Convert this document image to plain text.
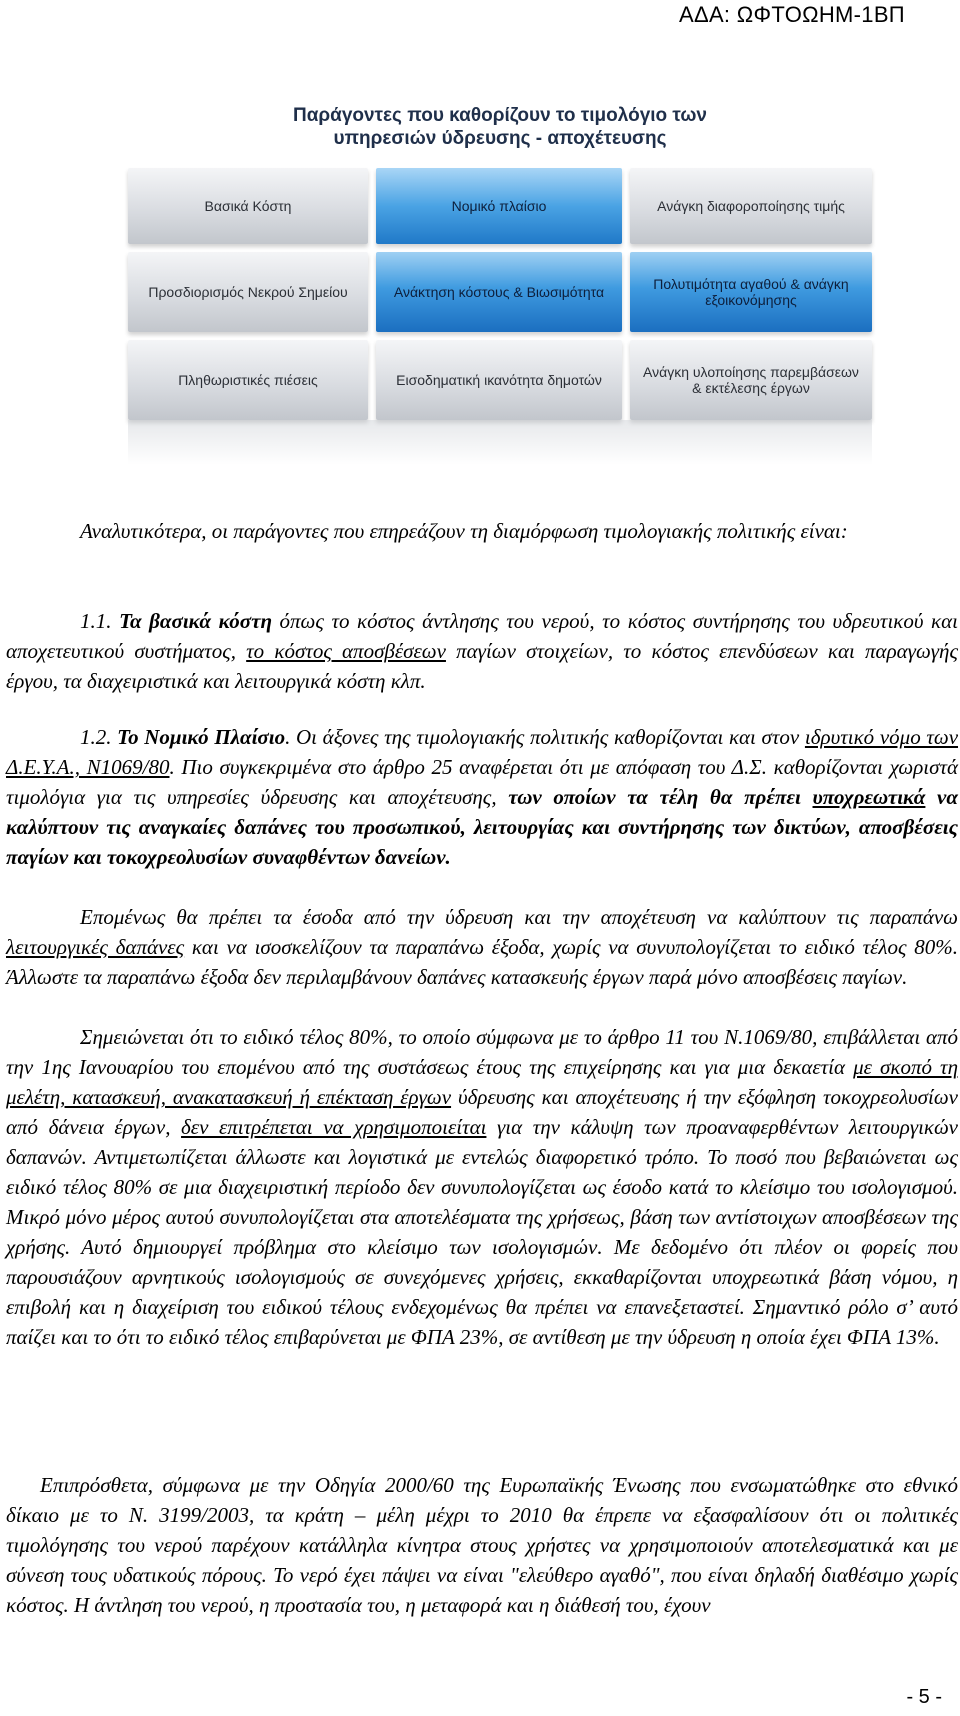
ΑΔΑ: ΩΦΤΟΩΗΜ-1ΒΠ
Παράγοντες που καθορίζουν το τιμολόγιο των
υπηρεσιών ύδρευσης - αποχέτευσης
Βασικά Κόστη	Νομικό πλαίσιο	Ανάγκη διαφοροποίησης τιμής
Προσδιορισμός Νεκρού Σημείου	Ανάκτηση κόστους & Βιωσιμότητα	Πολυτιμότητα αγαθού & ανάγκη εξοικονόμησης
Πληθωριστικές πιέσεις	Εισοδηματική ικανότητα δημοτών	Ανάγκη υλοποίησης παρεμβάσεων & εκτέλεσης έργων

Αναλυτικότερα, οι παράγοντες που επηρεάζουν τη διαμόρφωση τιμολογιακής πολιτικής είναι:

1.1. Τα βασικά κόστη όπως το κόστος άντλησης του νερού, το κόστος συντήρησης του υδρευτικού και αποχετευτικού συστήματος, το κόστος αποσβέσεων παγίων στοιχείων, το κόστος επενδύσεων και παραγωγής έργου, τα διαχειριστικά και λειτουργικά κόστη κλπ.

1.2. Το Νομικό Πλαίσιο. Οι άξονες της τιμολογιακής πολιτικής καθορίζονται και στον ιδρυτικό νόμο των Δ.Ε.Υ.Α., Ν1069/80. Πιο συγκεκριμένα στο άρθρο 25 αναφέρεται ότι με απόφαση του Δ.Σ. καθορίζονται χωριστά τιμολόγια για τις υπηρεσίες ύδρευσης και αποχέτευσης, των οποίων τα τέλη θα πρέπει υποχρεωτικά να καλύπτουν τις αναγκαίες δαπάνες του προσωπικού, λειτουργίας και συντήρησης των δικτύων, αποσβέσεις παγίων και τοκοχρεολυσίων συναφθέντων δανείων.

Επομένως θα πρέπει τα έσοδα από την ύδρευση και την αποχέτευση να καλύπτουν τις παραπάνω λειτουργικές δαπάνες και να ισοσκελίζουν τα παραπάνω έξοδα, χωρίς να συνυπολογίζεται το ειδικό τέλος 80%. Άλλωστε τα παραπάνω έξοδα δεν περιλαμβάνουν δαπάνες κατασκευής έργων παρά μόνο αποσβέσεις παγίων.

Σημειώνεται ότι το ειδικό τέλος 80%, το οποίο σύμφωνα με το άρθρο 11 του Ν.1069/80, επιβάλλεται από την 1ης Ιανουαρίου του επομένου από της συστάσεως έτους της επιχείρησης και για μια δεκαετία με σκοπό τη μελέτη, κατασκευή, ανακατασκευή ή επέκταση έργων ύδρευσης και αποχέτευσης ή την εξόφληση τοκοχρεολυσίων από δάνεια έργων, δεν επιτρέπεται να χρησιμοποιείται για την κάλυψη των προαναφερθέντων λειτουργικών δαπανών. Αντιμετωπίζεται άλλωστε και λογιστικά με εντελώς διαφορετικό τρόπο. Το ποσό που βεβαιώνεται ως ειδικό τέλος 80% σε μια διαχειριστική περίοδο δεν συνυπολογίζεται ως έσοδο κατά το κλείσιμο του ισολογισμού. Μικρό μόνο μέρος αυτού συνυπολογίζεται στα αποτελέσματα της χρήσεως, βάση των αντίστοιχων αποσβέσεων της χρήσης. Αυτό δημιουργεί πρόβλημα στο κλείσιμο των ισολογισμών. Με δεδομένο ότι πλέον οι φορείς που παρουσιάζουν αρνητικούς ισολογισμούς σε συνεχόμενες χρήσεις, εκκαθαρίζονται υποχρεωτικά βάση νόμου, η επιβολή και η διαχείριση του ειδικού τέλους ενδεχομένως θα πρέπει να επανεξεταστεί. Σημαντικό ρόλο σ’ αυτό παίζει και το ότι το ειδικό τέλος επιβαρύνεται με ΦΠΑ 23%, σε αντίθεση με την ύδρευση η οποία έχει ΦΠΑ 13%.

Επιπρόσθετα, σύμφωνα με την Οδηγία 2000/60 της Ευρωπαϊκής Ένωσης που ενσωματώθηκε στο εθνικό δίκαιο με το Ν. 3199/2003, τα κράτη – μέλη μέχρι το 2010 θα έπρεπε να εξασφαλίσουν ότι οι πολιτικές τιμολόγησης του νερού παρέχουν κατάλληλα κίνητρα στους χρήστες να χρησιμοποιούν αποτελεσματικά και με σύνεση τους υδατικούς πόρους. Το νερό έχει πάψει να είναι "ελεύθερο αγαθό", που είναι δηλαδή διαθέσιμο χωρίς κόστος. Η άντληση του νερού, η προστασία του, η μεταφορά και η διάθεσή του, έχουν

- 5 -
